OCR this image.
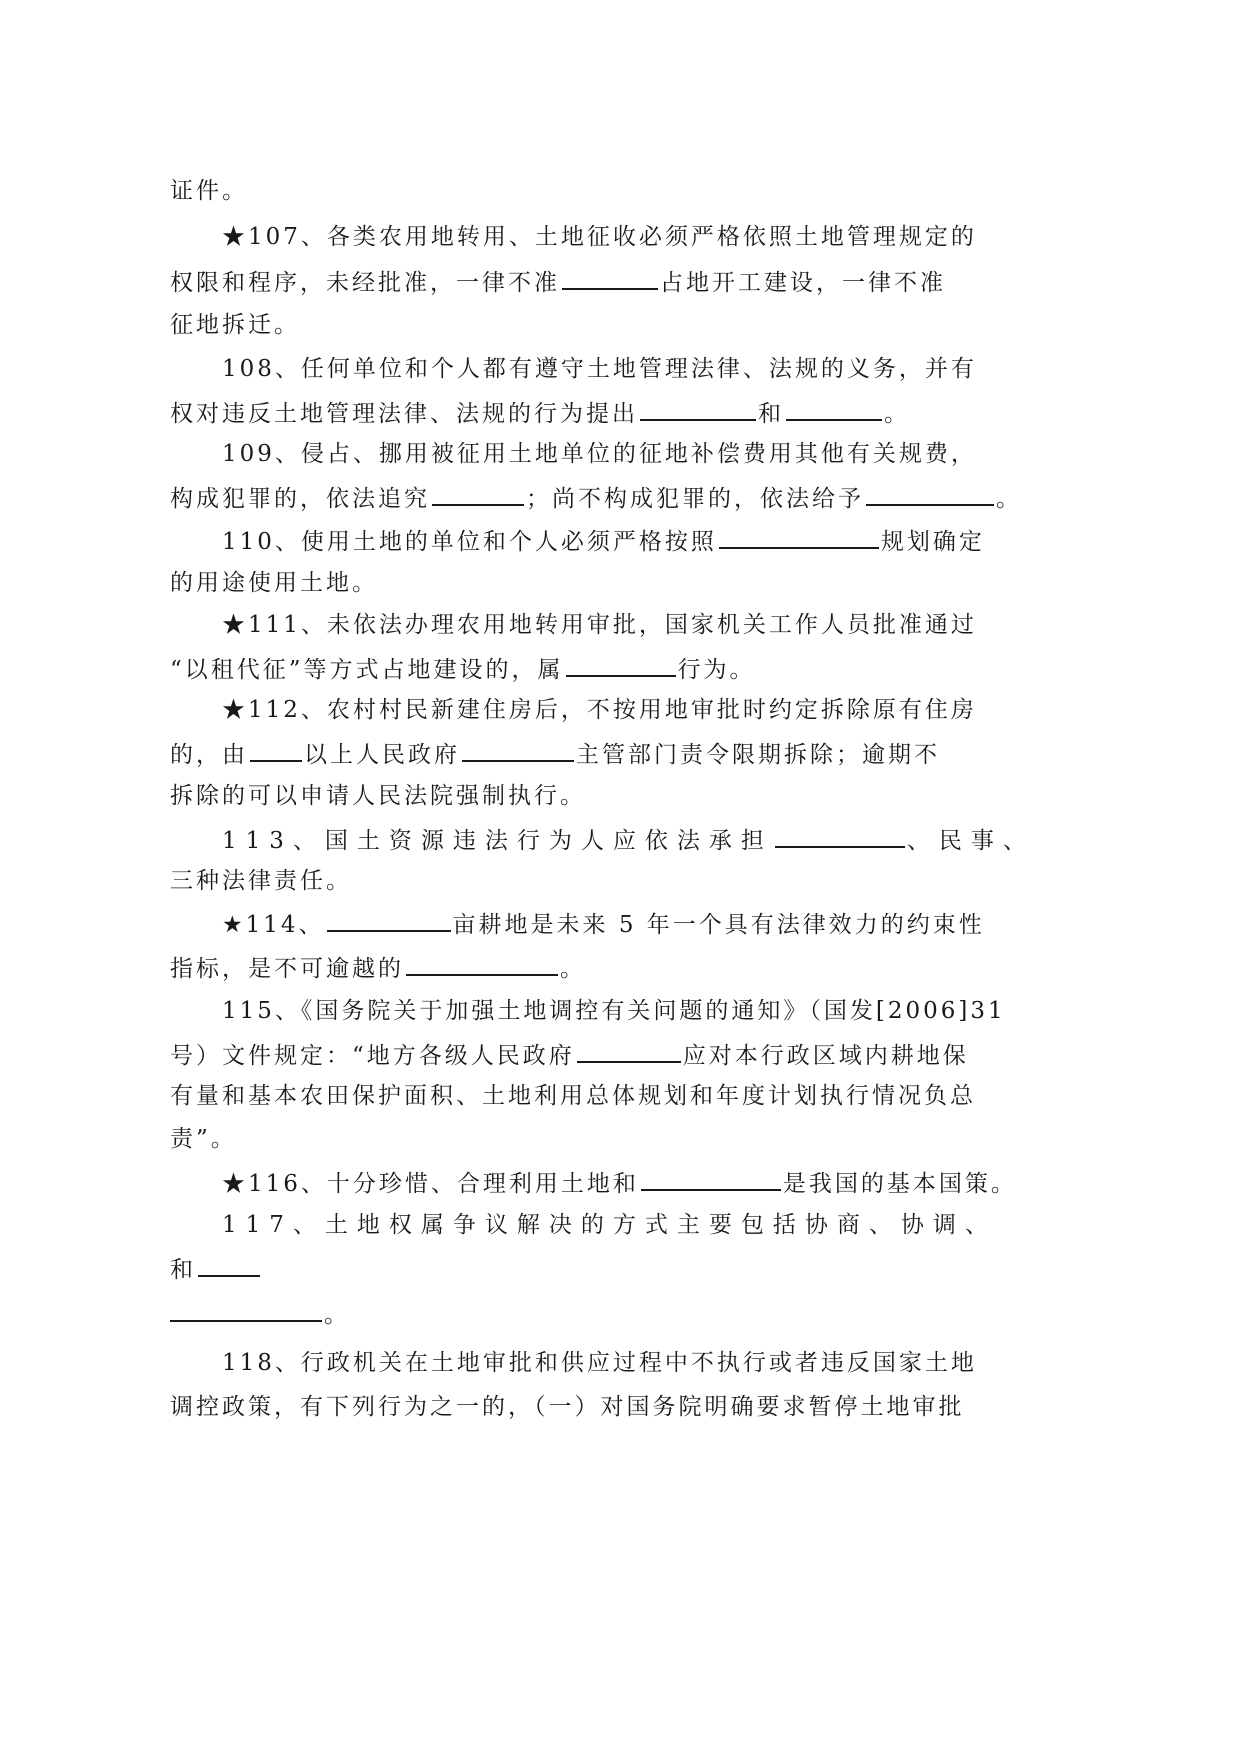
证件。
★107、各类农用地转用、土地征收必须严格依照土地管理规定的
权限和程序，未经批准，一律不准	占地开工建设，一律不准
征地拆迁。
108、任何单位和个人都有遵守土地管理法律、法规的义务，并有
权对违反土地管理法律、法规的行为提出	和	。
109、侵占、挪用被征用土地单位的征地补偿费用其他有关规费，
构成犯罪的，依法追究	；尚不构成犯罪的，依法给予	。
110、使用土地的单位和个人必须严格按照	规划确定
的用途使用土地。
★111、未依法办理农用地转用审批，国家机关工作人员批准通过
“以租代征”等方式占地建设的，属	行为。
★112、农村村民新建住房后，不按用地审批时约定拆除原有住房
的，由 以上人民政府	主管部门责令限期拆除；逾期不
拆除的可以申请人民法院强制执行。
113、国土资源违法行为人应依法承担	、民事、
三种法律责任。
★114、	亩耕地是未来 5 年一个具有法律效力的约束性
指标，是不可逾越的	。
115、《国务院关于加强土地调控有关问题的通知》（国发[2006]31
号）文件规定：“地方各级人民政府	应对本行政区域内耕地保
有量和基本农田保护面积、土地利用总体规划和年度计划执行情况负总
责”。
★116、十分珍惜、合理利用土地和	是我国的基本国策。
117、土地权属争议解决的方式主要包括协商、协调、
和
。
118、行政机关在土地审批和供应过程中不执行或者违反国家土地
调控政策，有下列行为之一的，（一）对国务院明确要求暂停土地审批
